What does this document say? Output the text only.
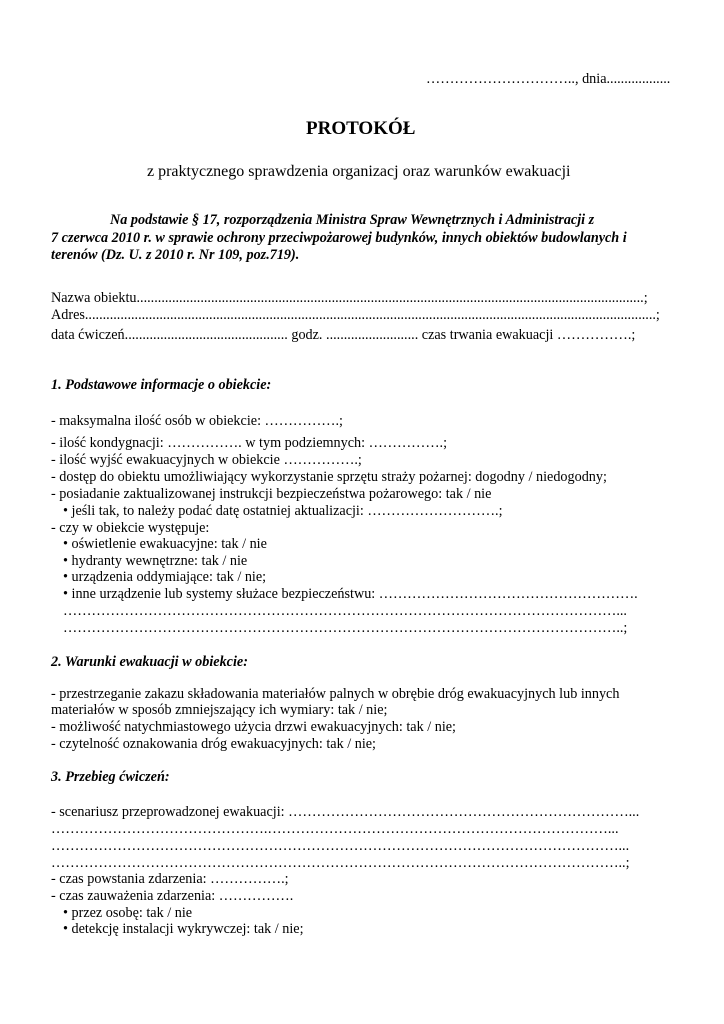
………………………….., dnia..................
PROTOKÓŁ
z praktycznego sprawdzenia organizacj oraz warunków ewakuacji
Na podstawie § 17, rozporządzenia Ministra Spraw Wewnętrznych i Administracji z
7 czerwca 2010 r. w sprawie ochrony przeciwpożarowej budynków, innych obiektów budowlanych i
terenów (Dz. U. z 2010 r. Nr 109, poz.719).
Nazwa obiektu...............................................................................................................................................;
Adres.................................................................................................................................................................;
data ćwiczeń.............................................. godz. .......................... czas trwania ewakuacji …………….;
1. Podstawowe informacje o obiekcie:
- maksymalna ilość osób w obiekcie: …………….;
- ilość kondygnacji: ……………. w tym podziemnych: …………….;
- ilość wyjść ewakuacyjnych w obiekcie …………….;
- dostęp do obiektu umożliwiający wykorzystanie sprzętu straży pożarnej: dogodny / niedogodny;
- posiadanie zaktualizowanej instrukcji bezpieczeństwa pożarowego: tak / nie
• jeśli tak, to należy podać datę ostatniej aktualizacji: ……………………….;
- czy w obiekcie występuje:
• oświetlenie ewakuacyjne: tak / nie
• hydranty wewnętrzne: tak / nie
• urządzenia oddymiające: tak / nie;
• inne urządzenie lub systemy służace bezpieczeństwu: ……………………………………………….
………………………………………………………………………………………………………...
………………………………………………………………………………………………………..;
2. Warunki ewakuacji w obiekcie:
- przestrzeganie zakazu składowania materiałów palnych w obrębie dróg ewakuacyjnych lub innych
materiałów w sposób zmniejszający ich wymiary: tak / nie;
- możliwość natychmiastowego użycia drzwi ewakuacyjnych: tak / nie;
- czytelność oznakowania dróg ewakuacyjnych: tak / nie;
3. Przebieg ćwiczeń:
- scenariusz przeprowadzonej ewakuacji: ………………………………………………………………...
……………………………………….………………………………………………………………...
…………………………………………………………………………………………………………...
…………………………………………………………………………………………………………..;
- czas powstania zdarzenia: …………….;
- czas zauważenia zdarzenia: …………….
• przez osobę: tak / nie
• detekcję instalacji wykrywczej: tak / nie;
